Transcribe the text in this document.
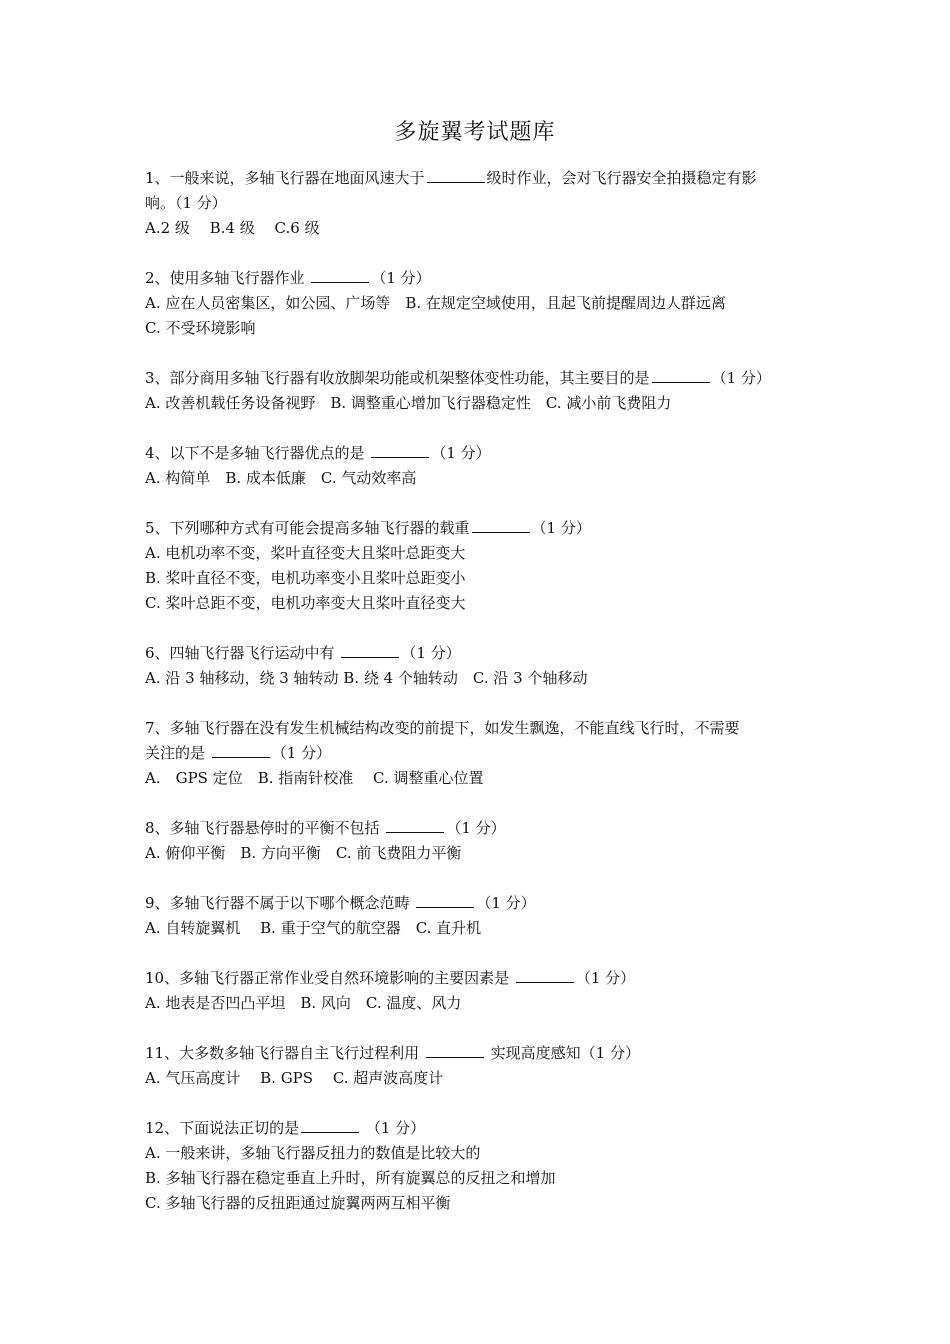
多旋翼考试题库
1、一般来说，多轴飞行器在地面风速大于	级时作业，会对飞行器安全拍摄稳定有影
响。（1 分）
A.2 级　 B.4 级　 C.6 级
2、使用多轴飞行器作业	（1 分）
A. 应在人员密集区，如公园、广场等　B. 在规定空域使用，且起飞前提醒周边人群远离
C. 不受环境影响
3、部分商用多轴飞行器有收放脚架功能或机架整体变性功能，其主要目的是	（1 分）
A. 改善机载任务设备视野　B. 调整重心增加飞行器稳定性　C. 减小前飞费阻力
4、以下不是多轴飞行器优点的是	（1 分）
A. 构简单　B. 成本低廉　C. 气动效率高
5、下列哪种方式有可能会提高多轴飞行器的载重	（1 分）
A. 电机功率不变，桨叶直径变大且桨叶总距变大
B. 桨叶直径不变，电机功率变小且桨叶总距变小
C. 桨叶总距不变，电机功率变大且桨叶直径变大
6、四轴飞行器飞行运动中有	（1 分）
A. 沿 3 轴移动，绕 3 轴转动 B. 绕 4 个轴转动　C. 沿 3 个轴移动
7、多轴飞行器在没有发生机械结构改变的前提下，如发生飘逸，不能直线飞行时，不需要
关注的是	（1 分）
A.　GPS 定位　B. 指南针校准　 C. 调整重心位置
8、多轴飞行器悬停时的平衡不包括	（1 分）
A. 俯仰平衡　B. 方向平衡　C. 前飞费阻力平衡
9、多轴飞行器不属于以下哪个概念范畴	（1 分）
A. 自转旋翼机　 B. 重于空气的航空器　C. 直升机
10、多轴飞行器正常作业受自然环境影响的主要因素是	（1 分）
A. 地表是否凹凸平坦　B. 风向　C. 温度、风力
11、大多数多轴飞行器自主飞行过程利用	实现高度感知（1 分）
A. 气压高度计　 B. GPS　 C. 超声波高度计
12、下面说法正切的是	（1 分）
A. 一般来讲，多轴飞行器反扭力的数值是比较大的
B. 多轴飞行器在稳定垂直上升时，所有旋翼总的反扭之和增加
C. 多轴飞行器的反扭距通过旋翼两两互相平衡
